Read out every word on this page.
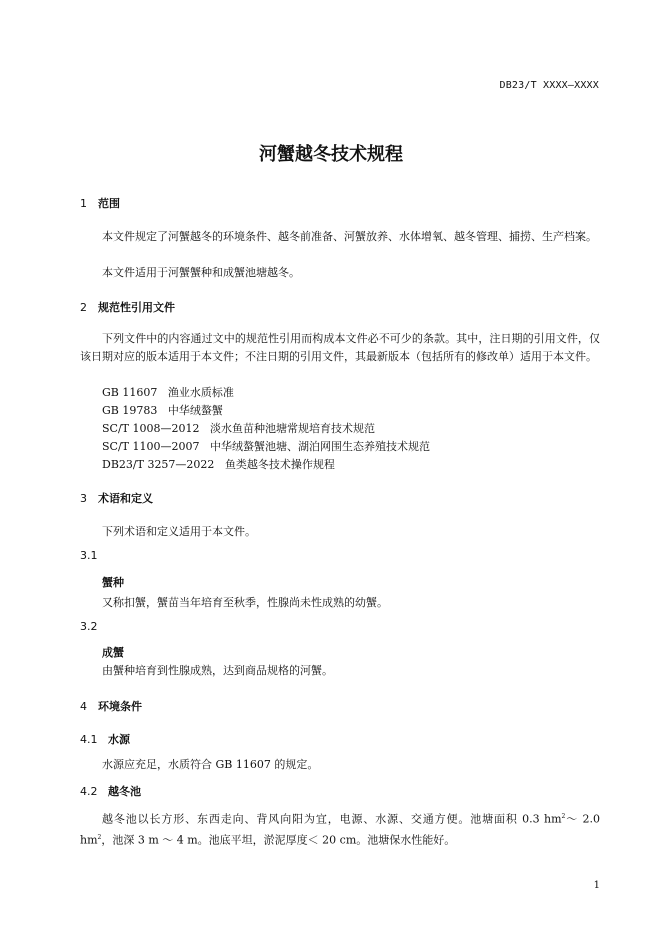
DB23/T XXXX—XXXX
河蟹越冬技术规程
1 范围
本文件规定了河蟹越冬的环境条件、越冬前准备、河蟹放养、水体增氧、越冬管理、捕捞、生产档案。
本文件适用于河蟹蟹种和成蟹池塘越冬。
2 规范性引用文件
下列文件中的内容通过文中的规范性引用而构成本文件必不可少的条款。其中，注日期的引用文件，仅该日期对应的版本适用于本文件；不注日期的引用文件，其最新版本（包括所有的修改单）适用于本文件。
GB 11607 渔业水质标准
GB 19783 中华绒螯蟹
SC/T 1008—2012 淡水鱼苗种池塘常规培育技术规范
SC/T 1100—2007 中华绒螯蟹池塘、湖泊网围生态养殖技术规范
DB23/T 3257—2022 鱼类越冬技术操作规程
3 术语和定义
下列术语和定义适用于本文件。
3.1
蟹种
又称扣蟹，蟹苗当年培育至秋季，性腺尚未性成熟的幼蟹。
3.2
成蟹
由蟹种培育到性腺成熟，达到商品规格的河蟹。
4 环境条件
4.1 水源
水源应充足，水质符合 GB 11607 的规定。
4.2 越冬池
越冬池以长方形、东西走向、背风向阳为宜，电源、水源、交通方便。池塘面积 0.3 $hm^2\sim$ 2.0 $hm^2$，池深 3 m ～ 4 m。池底平坦，淤泥厚度＜ 20 cm。池塘保水性能好。
1
